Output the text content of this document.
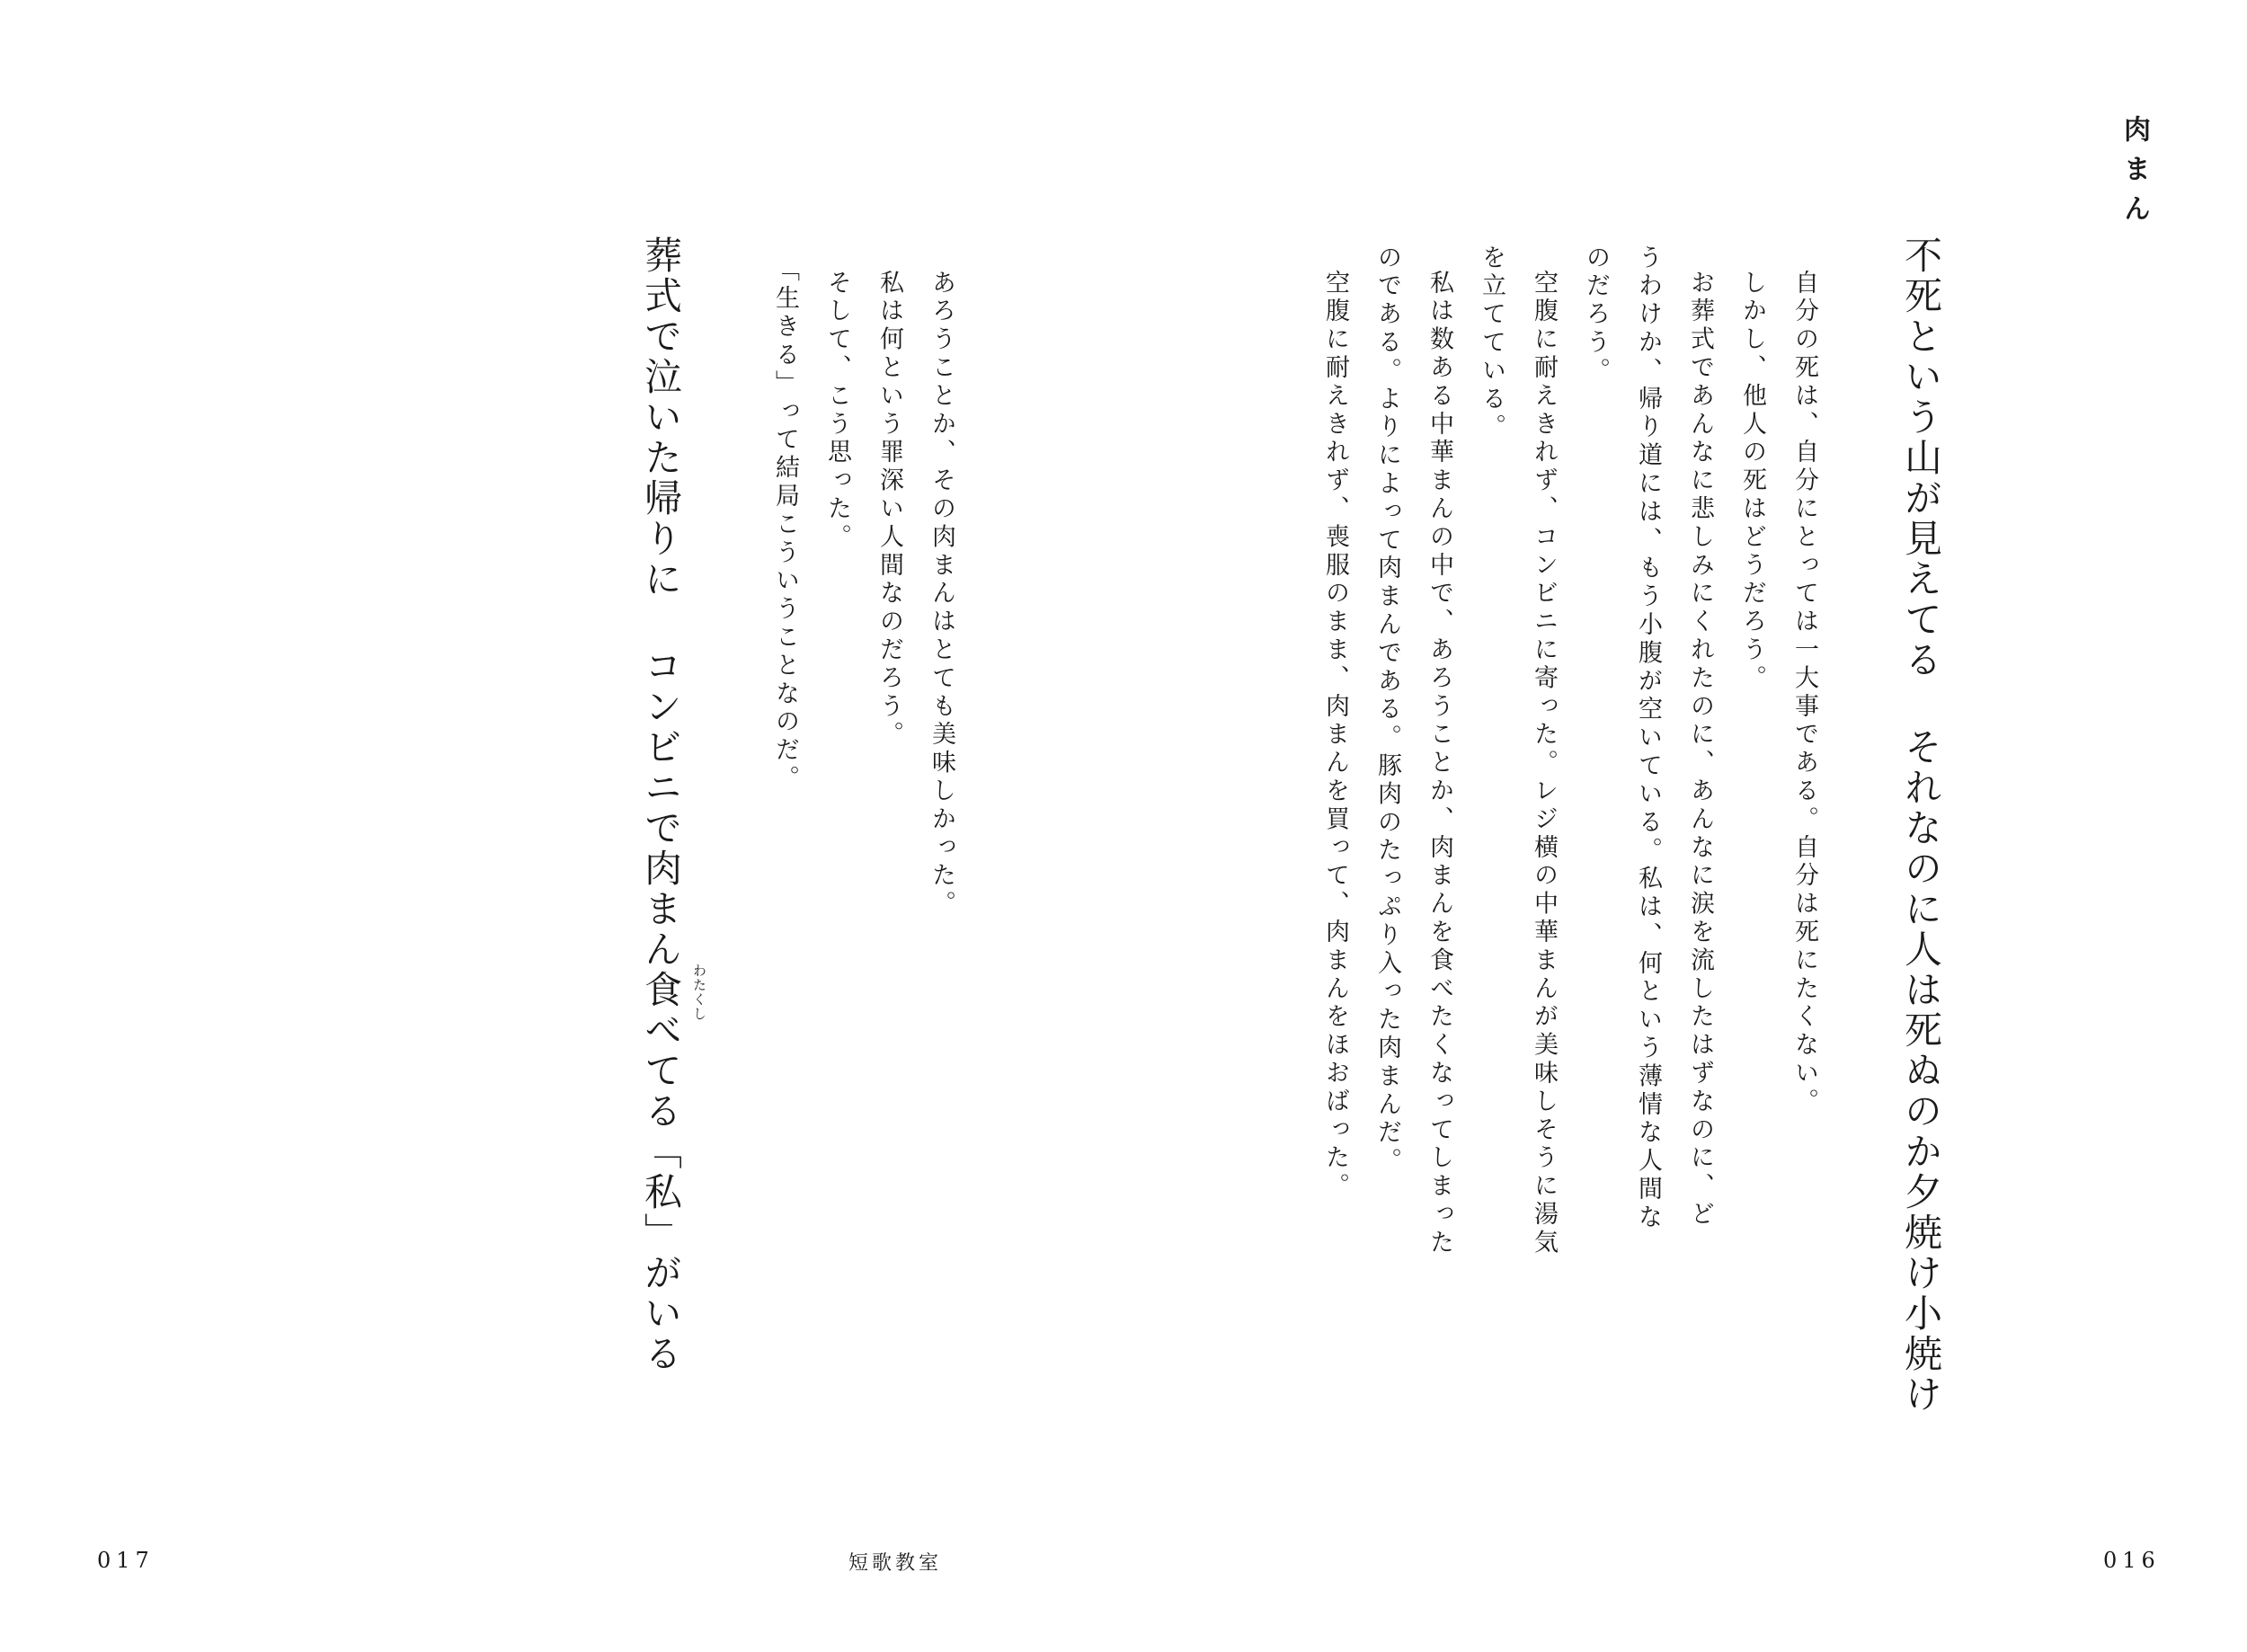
肉まん
不死という山が見えてる それなのに人は死ぬのか夕焼け小焼け
自分の死は、自分にとっては一大事である。自分は死にたくない。
しかし、他人の死はどうだろう。
お葬式であんなに悲しみにくれたのに、あんなに涙を流したはずなのに、ど
うわけか、帰り道には、もう小腹が空いている。私は、何という薄情な人間な
のだろう。
空腹に耐えきれず、コンビニに寄った。レジ横の中華まんが美味しそうに湯気
を立てている。
私は数ある中華まんの中で、あろうことか、肉まんを食べたくなってしまった
のである。よりによって肉まんである。豚肉のたっぷり入った肉まんだ。
空腹に耐えきれず、喪服のまま、肉まんを買って、肉まんをほおばった。
あろうことか、その肉まんはとても美味しかった。
私は何という罪深い人間なのだろう。
そして、こう思った。
「生きる」って結局こういうことなのだ。
葬式で泣いた帰りに コンビニで肉まん食べてる「私」がいる わたくし
017	短歌教室	016
